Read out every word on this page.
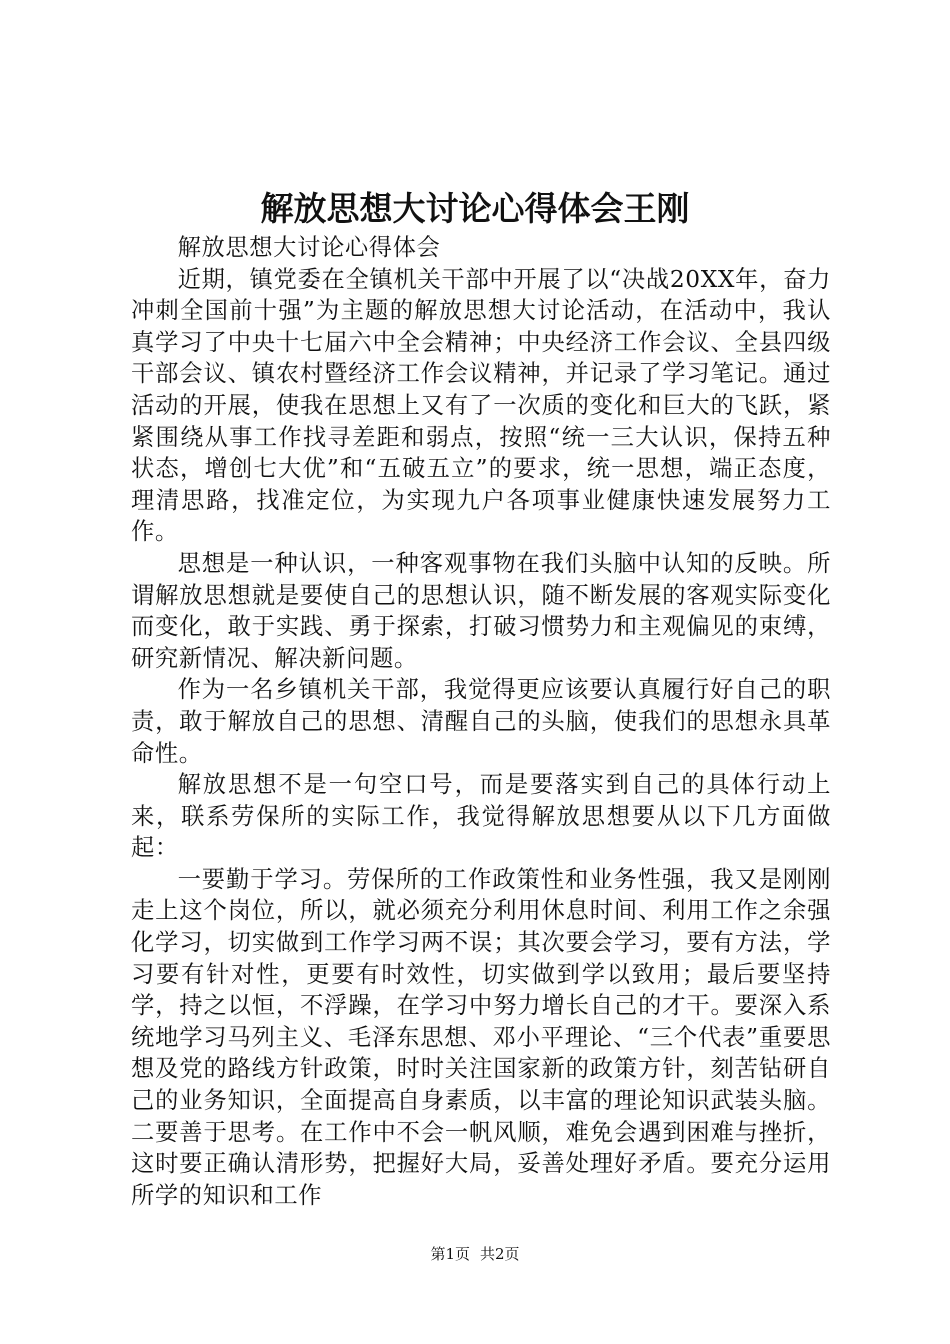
解放思想大讨论心得体会王刚

解放思想大讨论心得体会

近期，镇党委在全镇机关干部中开展了以“决战20XX年，奋力冲刺全国前十强”为主题的解放思想大讨论活动，在活动中，我认真学习了中央十七届六中全会精神；中央经济工作会议、全县四级干部会议、镇农村暨经济工作会议精神，并记录了学习笔记。通过活动的开展，使我在思想上又有了一次质的变化和巨大的飞跃，紧紧围绕从事工作找寻差距和弱点，按照“统一三大认识，保持五种状态，增创七大优”和“五破五立”的要求，统一思想，端正态度，理清思路，找准定位，为实现九户各项事业健康快速发展努力工作。

思想是一种认识，一种客观事物在我们头脑中认知的反映。所谓解放思想就是要使自己的思想认识，随不断发展的客观实际变化而变化，敢于实践、勇于探索，打破习惯势力和主观偏见的束缚，研究新情况、解决新问题。

作为一名乡镇机关干部，我觉得更应该要认真履行好自己的职责，敢于解放自己的思想、清醒自己的头脑，使我们的思想永具革命性。

解放思想不是一句空口号，而是要落实到自己的具体行动上来，联系劳保所的实际工作，我觉得解放思想要从以下几方面做起：

一要勤于学习。劳保所的工作政策性和业务性强，我又是刚刚走上这个岗位，所以，就必须充分利用休息时间、利用工作之余强化学习，切实做到工作学习两不误；其次要会学习，要有方法，学习要有针对性，更要有时效性，切实做到学以致用；最后要坚持学，持之以恒，不浮躁，在学习中努力增长自己的才干。要深入系统地学习马列主义、毛泽东思想、邓小平理论、“三个代表”重要思想及党的路线方针政策，时时关注国家新的政策方针，刻苦钻研自己的业务知识，全面提高自身素质，以丰富的理论知识武装头脑。二要善于思考。在工作中不会一帆风顺，难免会遇到困难与挫折，这时要正确认清形势，把握好大局，妥善处理好矛盾。要充分运用所学的知识和工作

第1页 共2页
